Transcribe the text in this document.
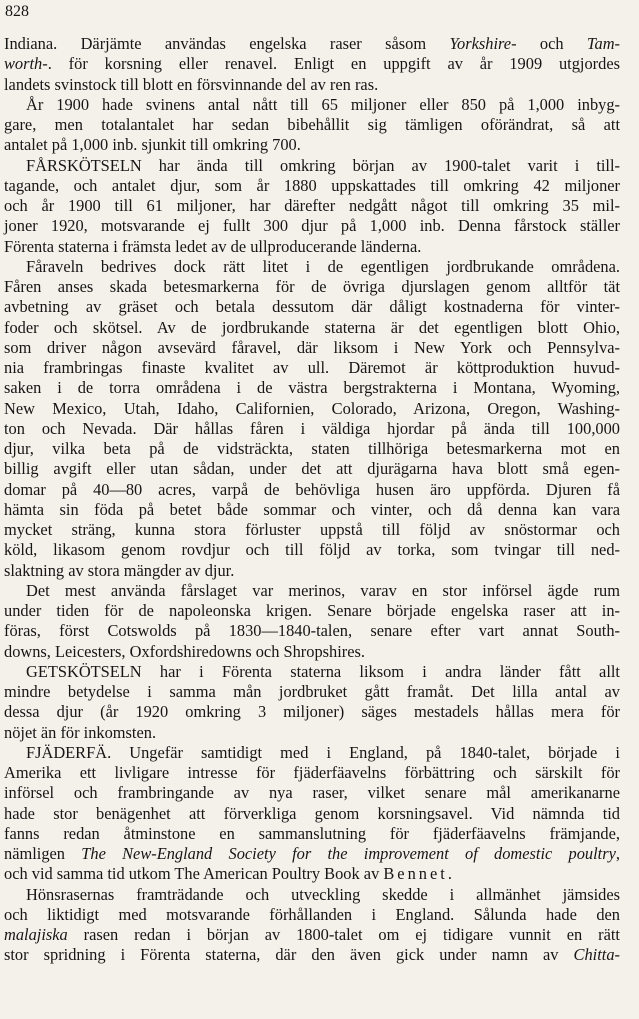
828
Indiana. Därjämte användas engelska raser såsom Yorkshire- och Tam-
worth-. för korsning eller renavel. Enligt en uppgift av år 1909 utgjordes
landets svinstock till blott en försvinnande del av ren ras.
År 1900 hade svinens antal nått till 65 miljoner eller 850 på 1,000 inbyg-
gare, men totalantalet har sedan bibehållit sig tämligen oförändrat, så att
antalet på 1,000 inb. sjunkit till omkring 700.
FÅRSKÖTSELN har ända till omkring början av 1900-talet varit i till-
tagande, och antalet djur, som år 1880 uppskattades till omkring 42 miljoner
och år 1900 till 61 miljoner, har därefter nedgått något till omkring 35 mil-
joner 1920, motsvarande ej fullt 300 djur på 1,000 inb. Denna fårstock ställer
Förenta staterna i främsta ledet av de ullproducerande länderna.
Fåraveln bedrives dock rätt litet i de egentligen jordbrukande områdena.
Fåren anses skada betesmarkerna för de övriga djurslagen genom alltför tät
avbetning av gräset och betala dessutom där dåligt kostnaderna för vinter-
foder och skötsel. Av de jordbrukande staterna är det egentligen blott Ohio,
som driver någon avsevärd fåravel, där liksom i New York och Pennsylva-
nia frambringas finaste kvalitet av ull. Däremot är köttproduktion huvud-
saken i de torra områdena i de västra bergstrakterna i Montana, Wyoming,
New Mexico, Utah, Idaho, Californien, Colorado, Arizona, Oregon, Washing-
ton och Nevada. Där hållas fåren i väldiga hjordar på ända till 100,000
djur, vilka beta på de vidsträckta, staten tillhöriga betesmarkerna mot en
billig avgift eller utan sådan, under det att djurägarna hava blott små egen-
domar på 40—80 acres, varpå de behövliga husen äro uppförda. Djuren få
hämta sin föda på betet både sommar och vinter, och då denna kan vara
mycket sträng, kunna stora förluster uppstå till följd av snöstormar och
köld, likasom genom rovdjur och till följd av torka, som tvingar till ned-
slaktning av stora mängder av djur.
Det mest använda fårslaget var merinos, varav en stor införsel ägde rum
under tiden för de napoleonska krigen. Senare började engelska raser att in-
föras, först Cotswolds på 1830—1840-talen, senare efter vart annat South-
downs, Leicesters, Oxfordshiredowns och Shropshires.
GETSKÖTSELN har i Förenta staterna liksom i andra länder fått allt
mindre betydelse i samma mån jordbruket gått framåt. Det lilla antal av
dessa djur (år 1920 omkring 3 miljoner) säges mestadels hållas mera för
nöjet än för inkomsten.
FJÄDERFÄ. Ungefär samtidigt med i England, på 1840-talet, började i
Amerika ett livligare intresse för fjäderfäavelns förbättring och särskilt för
införsel och frambringande av nya raser, vilket senare mål amerikanarne
hade stor benägenhet att förverkliga genom korsningsavel. Vid nämnda tid
fanns redan åtminstone en sammanslutning för fjäderfäavelns främjande,
nämligen The New-England Society for the improvement of domestic poultry,
och vid samma tid utkom The American Poultry Book av Bennet.
Hönsrasernas framträdande och utveckling skedde i allmänhet jämsides
och liktidigt med motsvarande förhållanden i England. Sålunda hade den
malajiska rasen redan i början av 1800-talet om ej tidigare vunnit en rätt
stor spridning i Förenta staterna, där den även gick under namn av Chitta-
